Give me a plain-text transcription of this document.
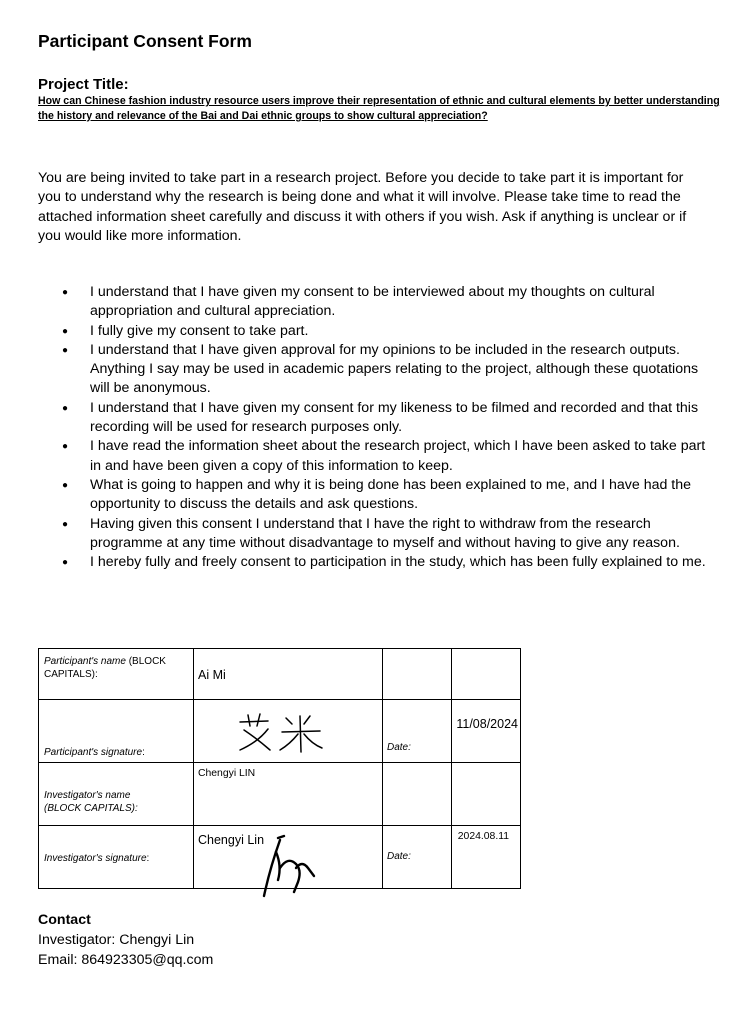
Participant Consent Form
Project Title:

How can Chinese fashion industry resource users improve their representation of ethnic and cultural elements by better understanding the history and relevance of the Bai and Dai ethnic groups to show cultural appreciation?

You are being invited to take part in a research project. Before you decide to take part it is important for you to understand why the research is being done and what it will involve. Please take time to read the attached information sheet carefully and discuss it with others if you wish. Ask if anything is unclear or if you would like more information.

● I understand that I have given my consent to be interviewed about my thoughts on cultural appropriation and cultural appreciation.
● I fully give my consent to take part.
● I understand that I have given approval for my opinions to be included in the research outputs. Anything I say may be used in academic papers relating to the project, although these quotations will be anonymous.
● I understand that I have given my consent for my likeness to be filmed and recorded and that this recording will be used for research purposes only.
● I have read the information sheet about the research project, which I have been asked to take part in and have been given a copy of this information to keep.
● What is going to happen and why it is being done has been explained to me, and I have had the opportunity to discuss the details and ask questions.
● Having given this consent I understand that I have the right to withdraw from the research programme at any time without disadvantage to myself and without having to give any reason.
● I hereby fully and freely consent to participation in the study, which has been fully explained to me.
Participant's name (BLOCK CAPITALS):	Ai Mi		

Participant's signature:		Date:	11/08/2024

Investigator's name (BLOCK CAPITALS):	Chengyi LIN		

Investigator's signature:	Chengyi Lin	Date:	2024.08.11
Contact

Investigator: Chengyi Lin

Email: 864923305@qq.com
